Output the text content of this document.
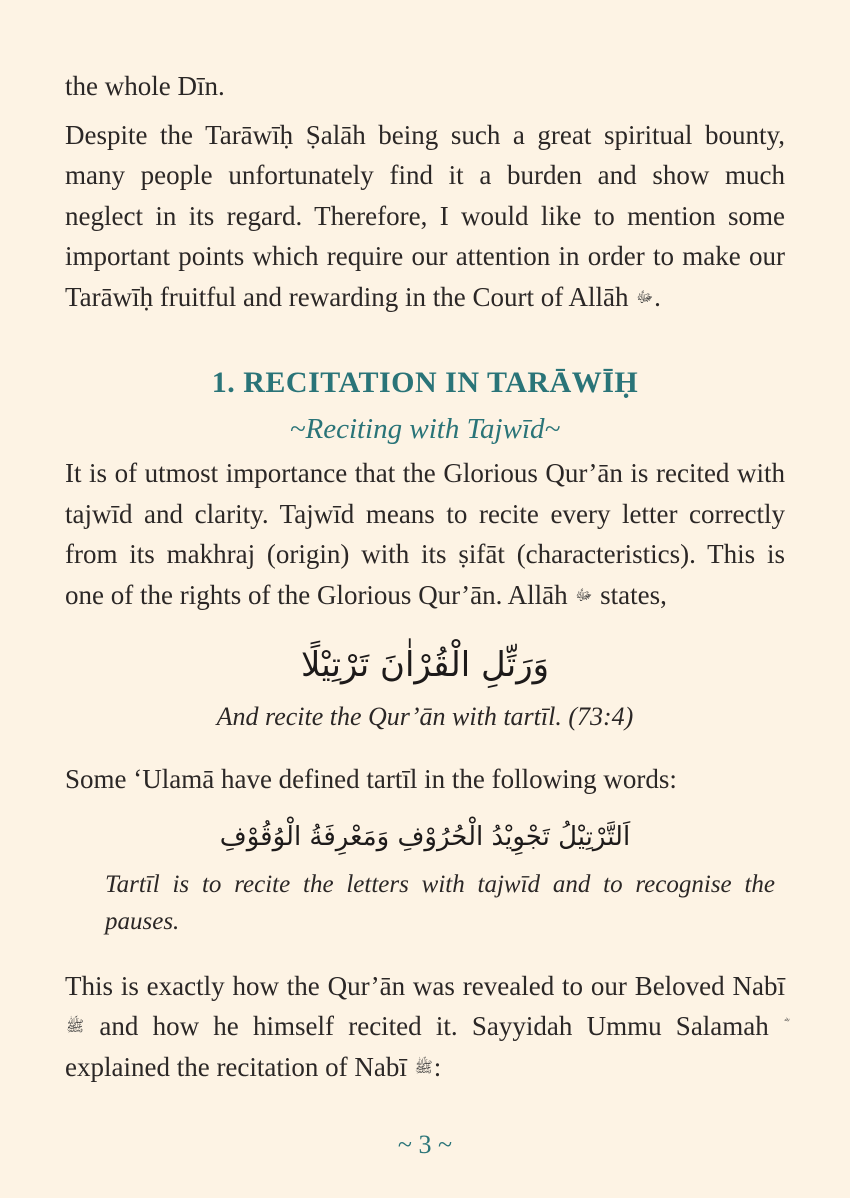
the whole Dīn.

Despite the Tarāwīḥ Ṣalāh being such a great spiritual bounty, many people unfortunately find it a burden and show much neglect in its regard. Therefore, I would like to mention some important points which require our attention in order to make our Tarāwīḥ fruitful and rewarding in the Court of Allāh ﷻ.

1. RECITATION IN TARĀWĪḤ
~Reciting with Tajwīd~

It is of utmost importance that the Glorious Qur’ān is recited with tajwīd and clarity. Tajwīd means to recite every letter correctly from its makhraj (origin) with its ṣifāt (characteristics). This is one of the rights of the Glorious Qur’ān. Allāh ﷻ states,

وَرَتِّلِ الْقُرْاٰنَ تَرْتِيْلًا
And recite the Qur’ān with tartīl. (73:4)

Some ‘Ulamā have defined tartīl in the following words:

اَلتَّرْتِيْلُ تَجْوِيْدُ الْحُرُوْفِ وَمَعْرِفَةُ الْوُقُوْفِ
Tartīl is to recite the letters with tajwīd and to recognise the pauses.

This is exactly how the Qur’ān was revealed to our Beloved Nabī ﷺ and how he himself recited it. Sayyidah Ummu Salamah  explained the recitation of Nabī ﷺ:

~ 3 ~
